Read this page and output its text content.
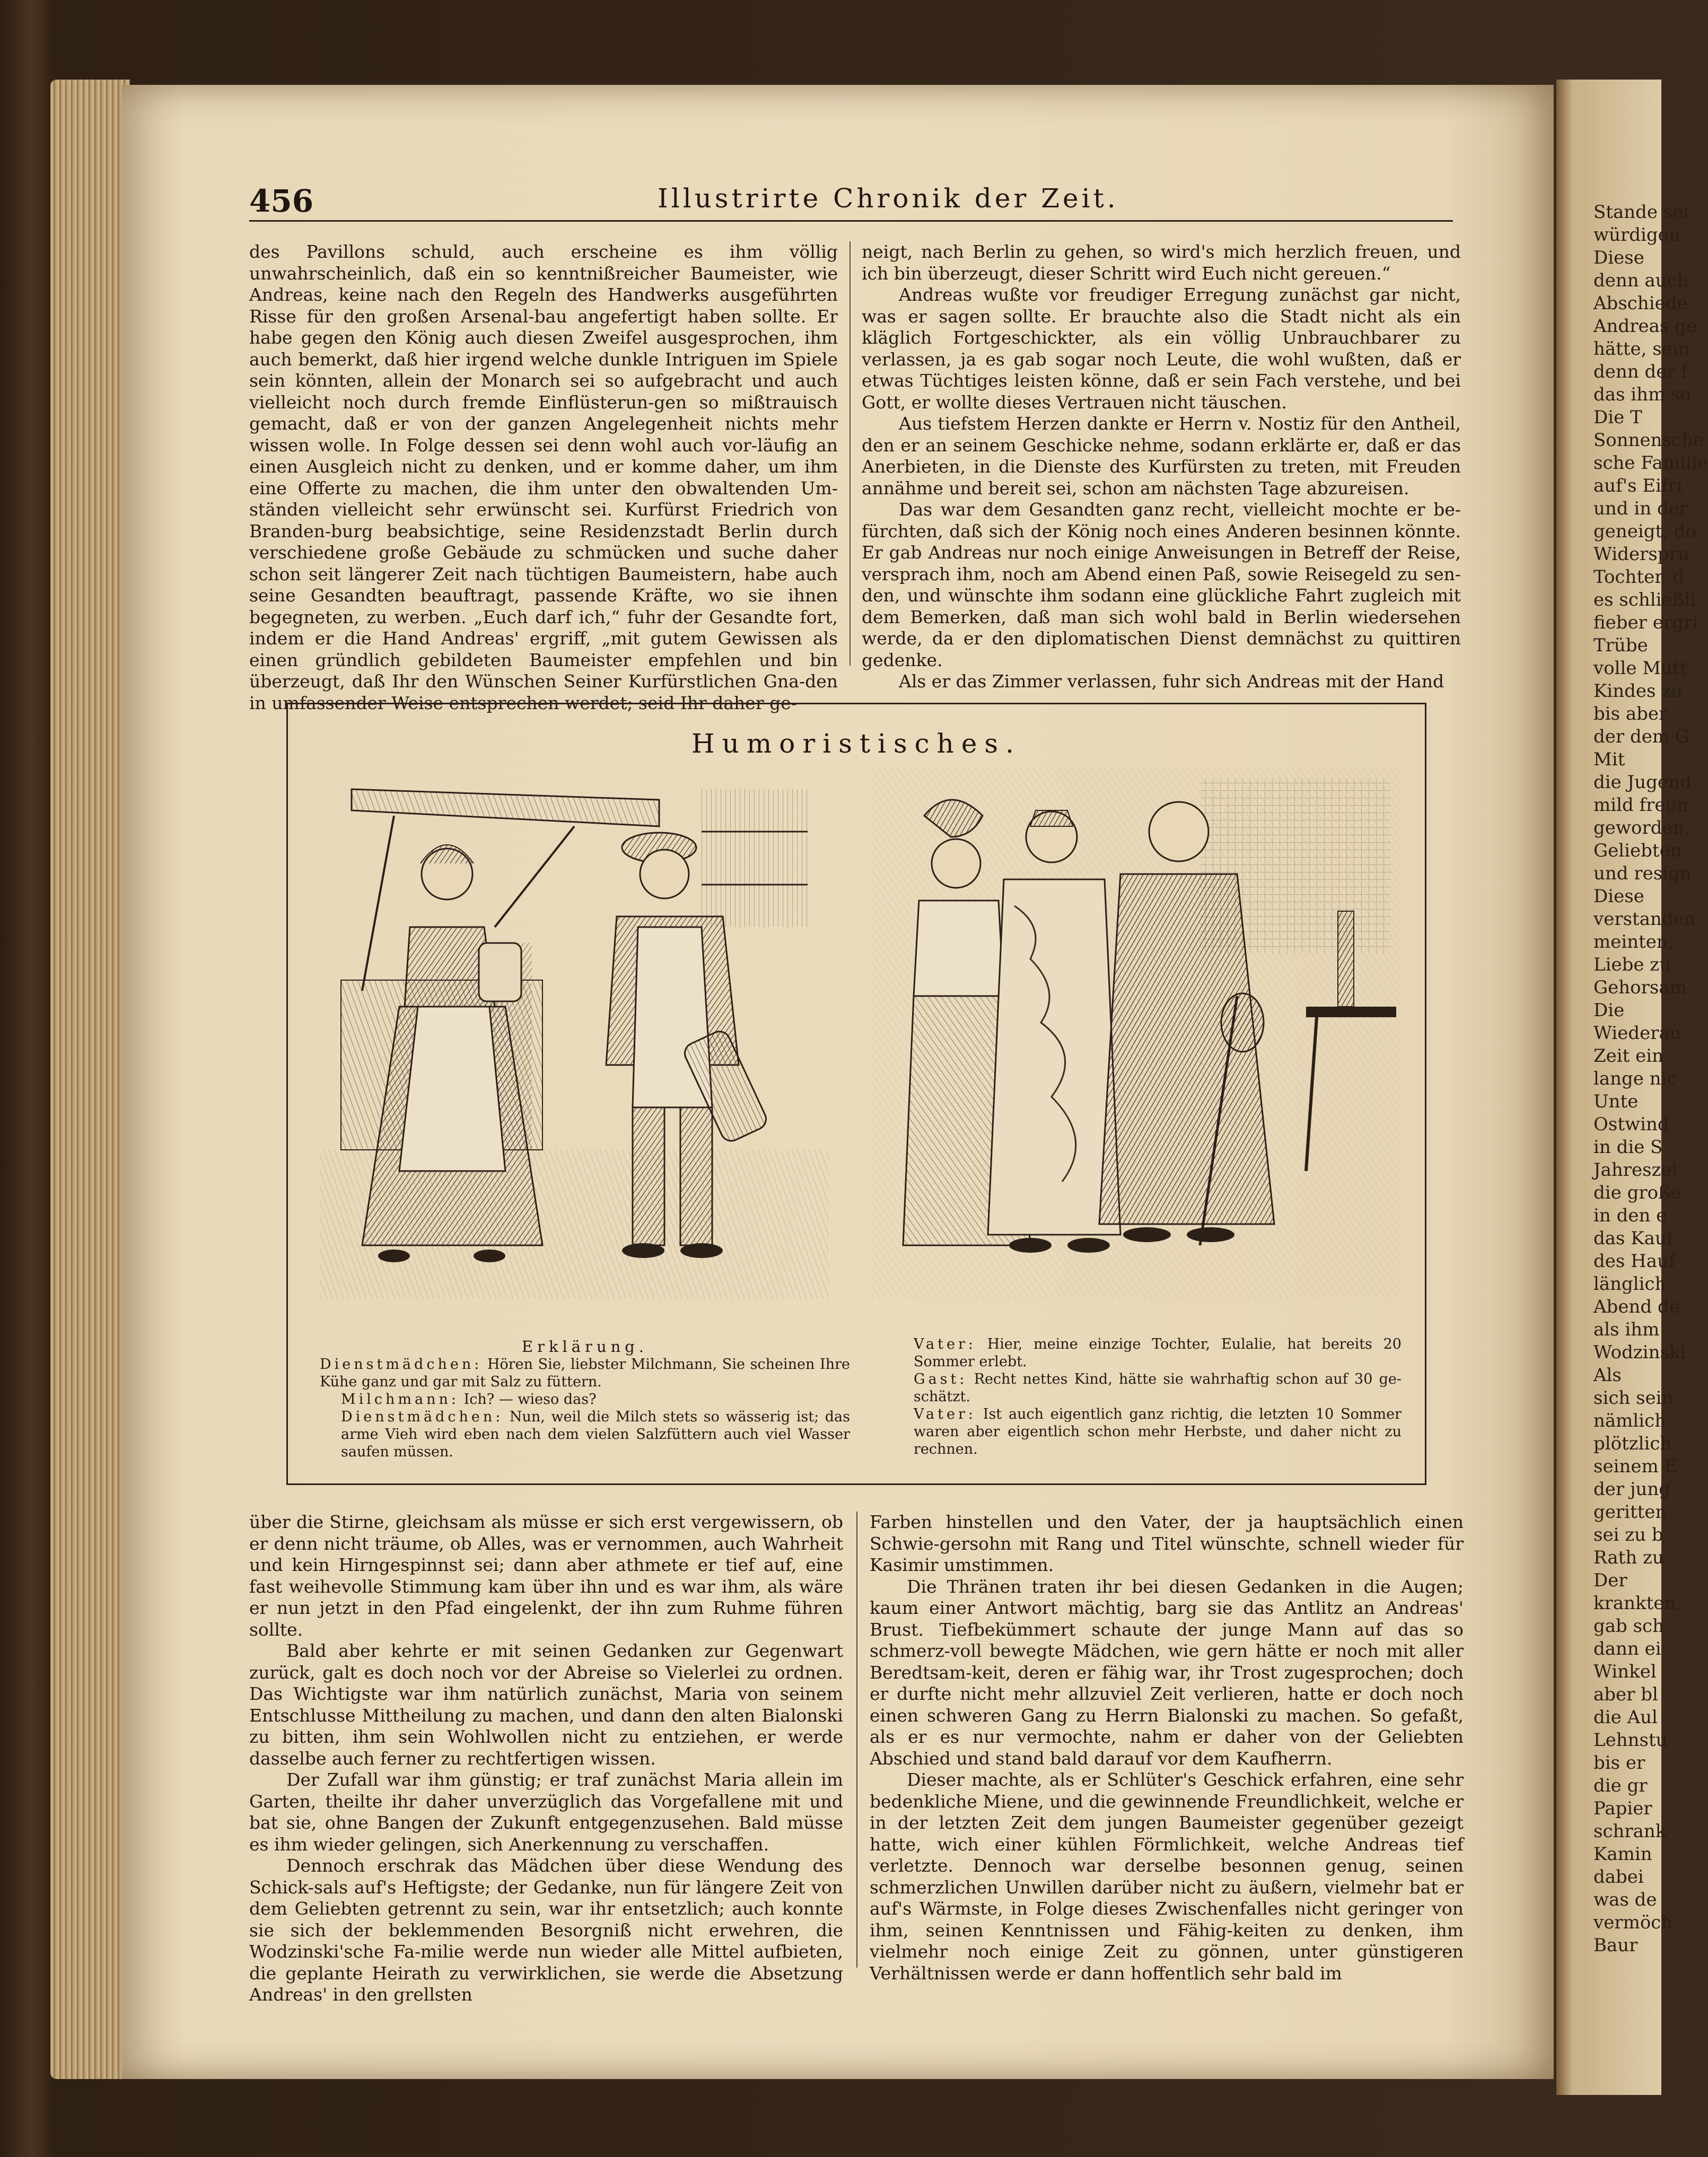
Stande sei
würdigen
Diese
denn auch
Abschiede
Andreas ge
hätte, sein
denn der f
das ihm so
Die T
Sonnensche
sche Familie
auf's Eifri
und in der
geneigt, do
Widerspru
Tochter, d
es schließli
fieber ergri
Trübe
volle Mutt
Kindes zu
bis aber
der dem G
Mit
die Jugend
mild freun
geworden,
Geliebten
und resign
Diese
verstanden
meinten,
Liebe zu
Gehorsam
Die
Wiederau
Zeit ein
lange nic
Unte
Ostwind
in die S
Jahreszei
die große
in den e
das Kauf
des Hauf
länglich
Abend de
als ihm
Wodzinski
Als
sich sein
nämlich
plötzlich
seinem E
der jung
geritten
sei zu b
Rath zu
Der
krankten,
gab sch
dann ei
Winkel
aber bl
die Aul
Lehnstu
bis er
die gr
Papier
schrank
Kamin
dabei
was de
vermöch
Baur
456	Illustrirte Chronik der Zeit.

des Pavillons schuld, auch erscheine es ihm völlig unwahrscheinlich, daß ein so kenntnißreicher Baumeister, wie Andreas, keine nach den Regeln des Handwerks ausgeführten Risse für den großen Arsenal-bau angefertigt haben sollte. Er habe gegen den König auch diesen Zweifel ausgesprochen, ihm auch bemerkt, daß hier irgend welche dunkle Intriguen im Spiele sein könnten, allein der Monarch sei so aufgebracht und auch vielleicht noch durch fremde Einflüsterun-gen so mißtrauisch gemacht, daß er von der ganzen Angelegenheit nichts mehr wissen wolle. In Folge dessen sei denn wohl auch vor-läufig an einen Ausgleich nicht zu denken, und er komme daher, um ihm eine Offerte zu machen, die ihm unter den obwaltenden Um-ständen vielleicht sehr erwünscht sei. Kurfürst Friedrich von Branden-burg beabsichtige, seine Residenzstadt Berlin durch verschiedene große Gebäude zu schmücken und suche daher schon seit längerer Zeit nach tüchtigen Baumeistern, habe auch seine Gesandten beauftragt, passende Kräfte, wo sie ihnen begegneten, zu werben. „Euch darf ich,“ fuhr der Gesandte fort, indem er die Hand Andreas' ergriff, „mit gutem Gewissen als einen gründlich gebildeten Baumeister empfehlen und bin überzeugt, daß Ihr den Wünschen Seiner Kurfürstlichen Gna-den in umfassender Weise entsprechen werdet; seid Ihr daher ge-

neigt, nach Berlin zu gehen, so wird's mich herzlich freuen, und ich bin überzeugt, dieser Schritt wird Euch nicht gereuen.“

Andreas wußte vor freudiger Erregung zunächst gar nicht, was er sagen sollte. Er brauchte also die Stadt nicht als ein kläglich Fortgeschickter, als ein völlig Unbrauchbarer zu verlassen, ja es gab sogar noch Leute, die wohl wußten, daß er etwas Tüchtiges leisten könne, daß er sein Fach verstehe, und bei Gott, er wollte dieses Vertrauen nicht täuschen.

Aus tiefstem Herzen dankte er Herrn v. Nostiz für den Antheil, den er an seinem Geschicke nehme, sodann erklärte er, daß er das Anerbieten, in die Dienste des Kurfürsten zu treten, mit Freuden annähme und bereit sei, schon am nächsten Tage abzureisen.

Das war dem Gesandten ganz recht, vielleicht mochte er be-fürchten, daß sich der König noch eines Anderen besinnen könnte. Er gab Andreas nur noch einige Anweisungen in Betreff der Reise, versprach ihm, noch am Abend einen Paß, sowie Reisegeld zu sen-den, und wünschte ihm sodann eine glückliche Fahrt zugleich mit dem Bemerken, daß man sich wohl bald in Berlin wiedersehen werde, da er den diplomatischen Dienst demnächst zu quittiren gedenke.

Als er das Zimmer verlassen, fuhr sich Andreas mit der Hand

Humoristisches.
Erklärung.
Dienstmädchen: Hören Sie, liebster Milchmann, Sie scheinen Ihre Kühe ganz und gar mit Salz zu füttern.
Milchmann: Ich? — wieso das?
Dienstmädchen: Nun, weil die Milch stets so wässerig ist; das arme Vieh wird eben nach dem vielen Salzfüttern auch viel Wasser saufen müssen.
Vater: Hier, meine einzige Tochter, Eulalie, hat bereits 20 Sommer erlebt.
Gast: Recht nettes Kind, hätte sie wahrhaftig schon auf 30 ge-schätzt.
Vater: Ist auch eigentlich ganz richtig, die letzten 10 Sommer waren aber eigentlich schon mehr Herbste, und daher nicht zu rechnen.

über die Stirne, gleichsam als müsse er sich erst vergewissern, ob er denn nicht träume, ob Alles, was er vernommen, auch Wahrheit und kein Hirngespinnst sei; dann aber athmete er tief auf, eine fast weihevolle Stimmung kam über ihn und es war ihm, als wäre er nun jetzt in den Pfad eingelenkt, der ihn zum Ruhme führen sollte.

Bald aber kehrte er mit seinen Gedanken zur Gegenwart zurück, galt es doch noch vor der Abreise so Vielerlei zu ordnen. Das Wichtigste war ihm natürlich zunächst, Maria von seinem Entschlusse Mittheilung zu machen, und dann den alten Bialonski zu bitten, ihm sein Wohlwollen nicht zu entziehen, er werde dasselbe auch ferner zu rechtfertigen wissen.

Der Zufall war ihm günstig; er traf zunächst Maria allein im Garten, theilte ihr daher unverzüglich das Vorgefallene mit und bat sie, ohne Bangen der Zukunft entgegenzusehen. Bald müsse es ihm wieder gelingen, sich Anerkennung zu verschaffen.

Dennoch erschrak das Mädchen über diese Wendung des Schick-sals auf's Heftigste; der Gedanke, nun für längere Zeit von dem Geliebten getrennt zu sein, war ihr entsetzlich; auch konnte sie sich der beklemmenden Besorgniß nicht erwehren, die Wodzinski'sche Fa-milie werde nun wieder alle Mittel aufbieten, die geplante Heirath zu verwirklichen, sie werde die Absetzung Andreas' in den grellsten

Farben hinstellen und den Vater, der ja hauptsächlich einen Schwie-gersohn mit Rang und Titel wünschte, schnell wieder für Kasimir umstimmen.

Die Thränen traten ihr bei diesen Gedanken in die Augen; kaum einer Antwort mächtig, barg sie das Antlitz an Andreas' Brust. Tiefbekümmert schaute der junge Mann auf das so schmerz-voll bewegte Mädchen, wie gern hätte er noch mit aller Beredtsam-keit, deren er fähig war, ihr Trost zugesprochen; doch er durfte nicht mehr allzuviel Zeit verlieren, hatte er doch noch einen schweren Gang zu Herrn Bialonski zu machen. So gefaßt, als er es nur vermochte, nahm er daher von der Geliebten Abschied und stand bald darauf vor dem Kaufherrn.

Dieser machte, als er Schlüter's Geschick erfahren, eine sehr bedenkliche Miene, und die gewinnende Freundlichkeit, welche er in der letzten Zeit dem jungen Baumeister gegenüber gezeigt hatte, wich einer kühlen Förmlichkeit, welche Andreas tief verletzte. Dennoch war derselbe besonnen genug, seinen schmerzlichen Unwillen darüber nicht zu äußern, vielmehr bat er auf's Wärmste, in Folge dieses Zwischenfalles nicht geringer von ihm, seinen Kenntnissen und Fähig-keiten zu denken, ihm vielmehr noch einige Zeit zu gönnen, unter günstigeren Verhältnissen werde er dann hoffentlich sehr bald im
